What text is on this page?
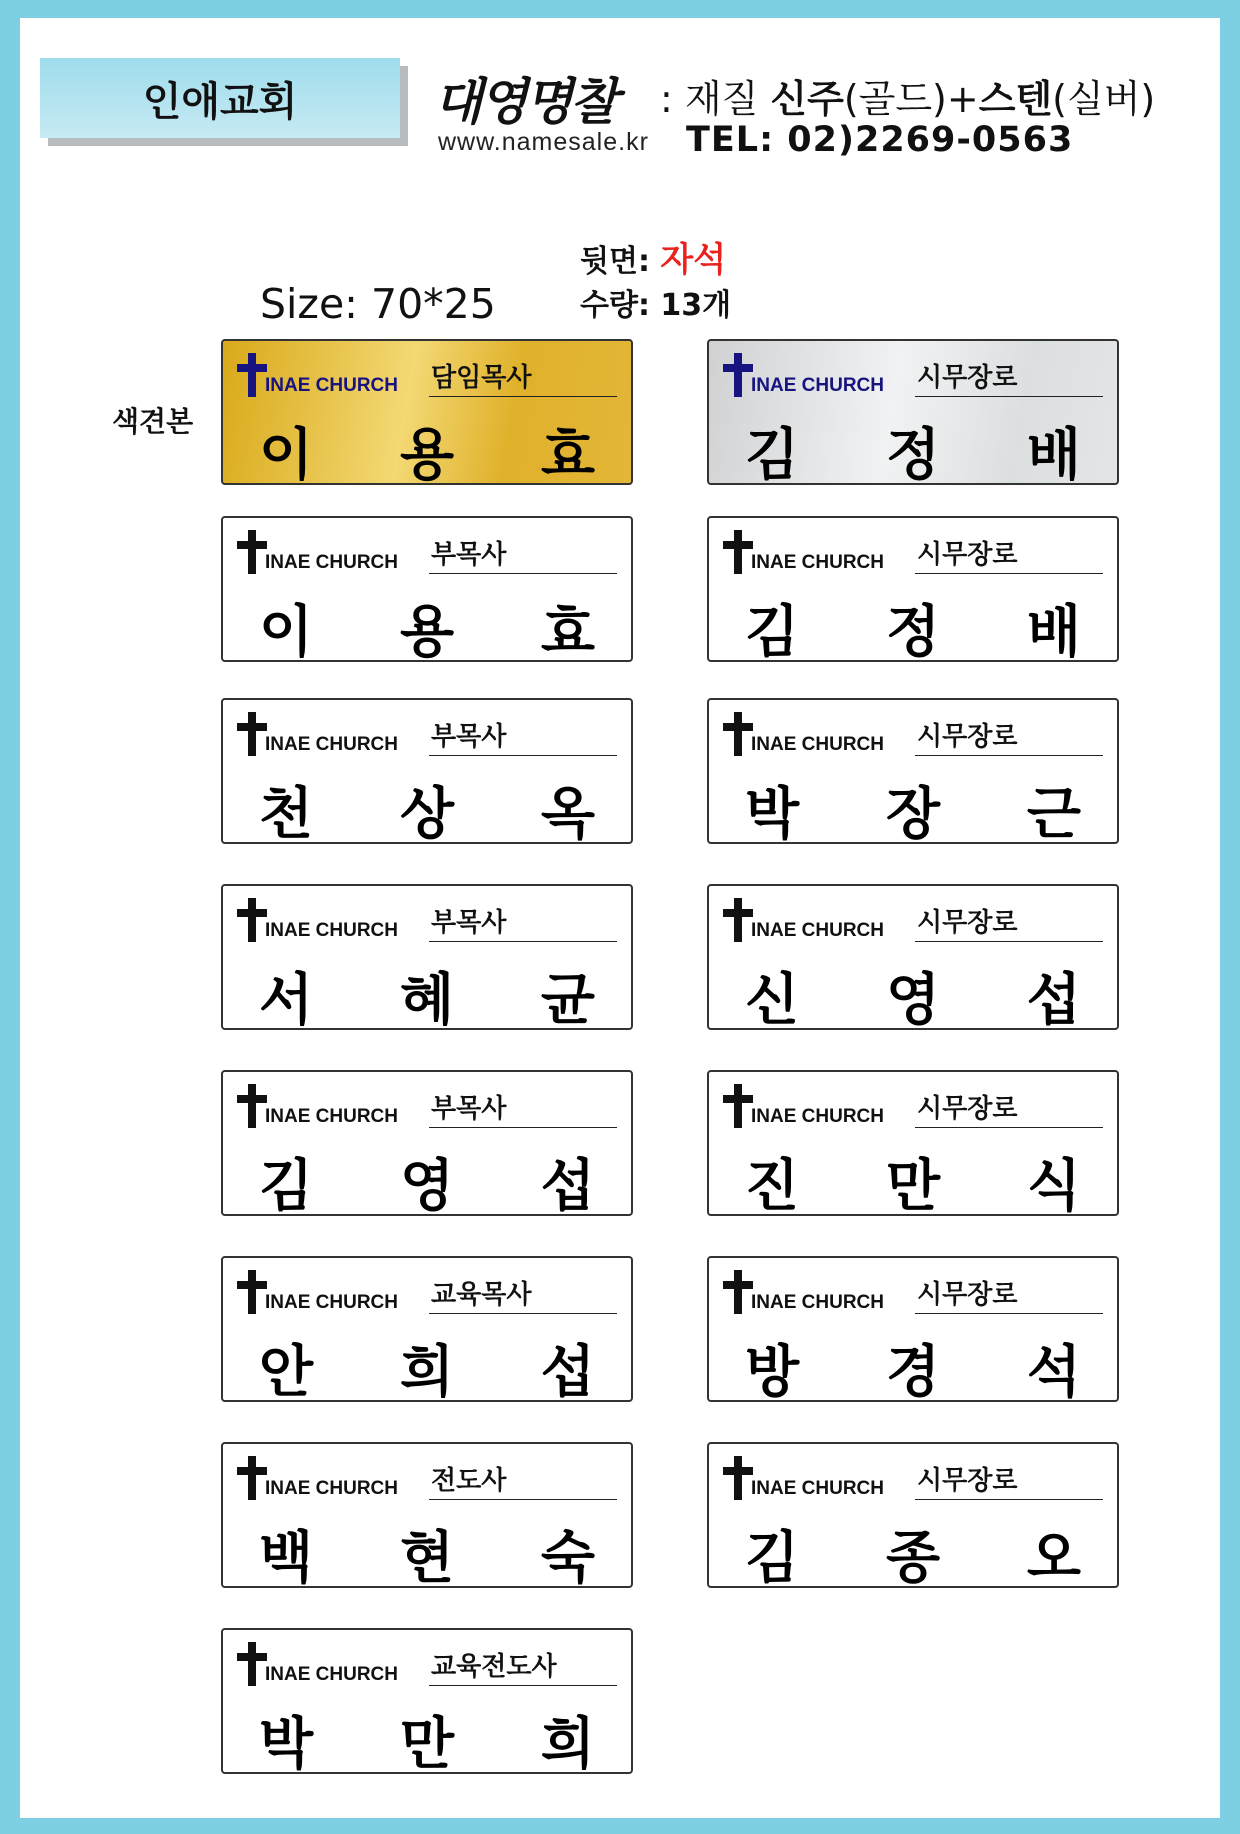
인애교회	대영명찰
www.namesale.kr
: 재질 신주(골드)+스텐(실버)
TEL: 02)2269-0563
Size: 70*25
뒷면: 자석
수량: 13개
색견본
INAE CHURCH 담임목사
이 용 효
INAE CHURCH 시무장로
김 정 배
INAE CHURCH 부목사
이 용 효
INAE CHURCH 시무장로
김 정 배
INAE CHURCH 부목사
천 상 옥
INAE CHURCH 시무장로
박 장 근
INAE CHURCH 부목사
서 혜 균
INAE CHURCH 시무장로
신 영 섭
INAE CHURCH 부목사
김 영 섭
INAE CHURCH 시무장로
진 만 식
INAE CHURCH 교육목사
안 희 섭
INAE CHURCH 시무장로
방 경 석
INAE CHURCH 전도사
백 현 숙
INAE CHURCH 시무장로
김 종 오
INAE CHURCH 교육전도사
박 만 희
